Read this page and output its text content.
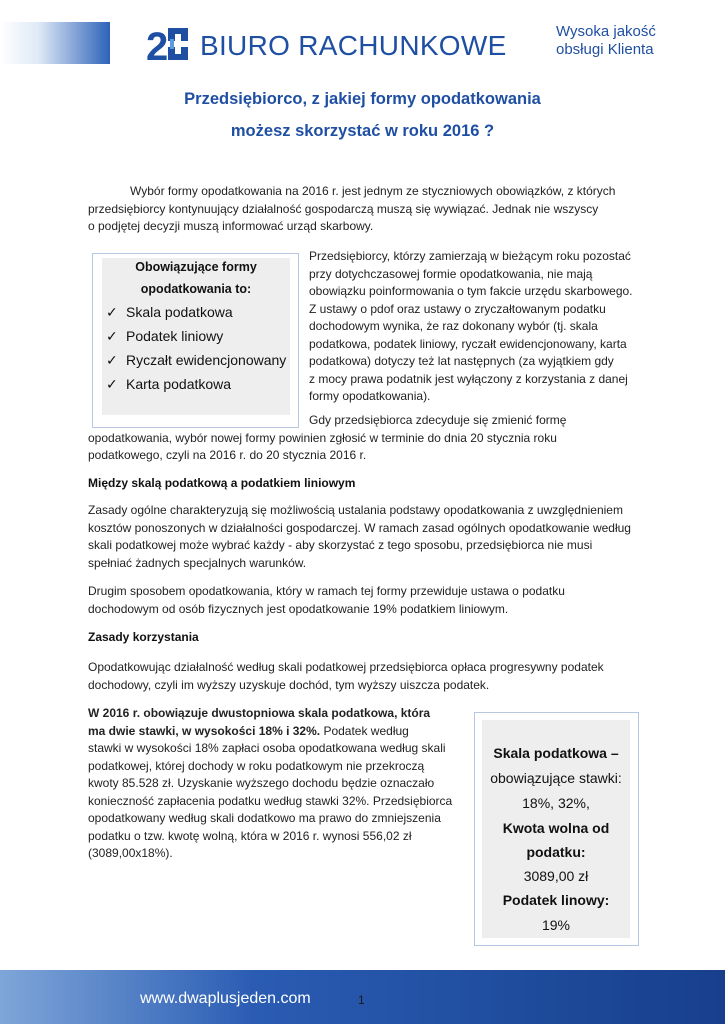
2 BIURO RACHUNKOWE	Wysoka jakość
obsługi Klienta
Przedsiębiorco, z jakiej formy opodatkowania
możesz skorzystać w roku 2016 ?
Wybór formy opodatkowania na 2016 r. jest jednym ze styczniowych obowiązków, z których
przedsiębiorcy kontynuujący działalność gospodarczą muszą się wywiązać. Jednak nie wszyscy
o podjętej decyzji muszą informować urząd skarbowy.
Obowiązujące formy
opodatkowania to:
✓ Skala podatkowa
✓ Podatek liniowy
✓ Ryczałt ewidencjonowany
✓ Karta podatkowa
Przedsiębiorcy, którzy zamierzają w bieżącym roku pozostać
przy dotychczasowej formie opodatkowania, nie mają
obowiązku poinformowania o tym fakcie urzędu skarbowego.
Z ustawy o pdof oraz ustawy o zryczałtowanym podatku
dochodowym wynika, że raz dokonany wybór (tj. skala
podatkowa, podatek liniowy, ryczałt ewidencjonowany, karta
podatkowa) dotyczy też lat następnych (za wyjątkiem gdy
z mocy prawa podatnik jest wyłączony z korzystania z danej
formy opodatkowania).
Gdy przedsiębiorca zdecyduje się zmienić formę
opodatkowania, wybór nowej formy powinien zgłosić w terminie do dnia 20 stycznia roku
podatkowego, czyli na 2016 r. do 20 stycznia 2016 r.
Między skalą podatkową a podatkiem liniowym
Zasady ogólne charakteryzują się możliwością ustalania podstawy opodatkowania z uwzględnieniem
kosztów ponoszonych w działalności gospodarczej. W ramach zasad ogólnych opodatkowanie według
skali podatkowej może wybrać każdy - aby skorzystać z tego sposobu, przedsiębiorca nie musi
spełniać żadnych specjalnych warunków.
Drugim sposobem opodatkowania, który w ramach tej formy przewiduje ustawa o podatku
dochodowym od osób fizycznych jest opodatkowanie 19% podatkiem liniowym.
Zasady korzystania
Opodatkowując działalność według skali podatkowej przedsiębiorca opłaca progresywny podatek
dochodowy, czyli im wyższy uzyskuje dochód, tym wyższy uiszcza podatek.
W 2016 r. obowiązuje dwustopniowa skala podatkowa, która
ma dwie stawki, w wysokości 18% i 32%. Podatek według
stawki w wysokości 18% zapłaci osoba opodatkowana według skali
podatkowej, której dochody w roku podatkowym nie przekroczą
kwoty 85.528 zł. Uzyskanie wyższego dochodu będzie oznaczało
konieczność zapłacenia podatku według stawki 32%. Przedsiębiorca
opodatkowany według skali dodatkowo ma prawo do zmniejszenia
podatku o tzw. kwotę wolną, która w 2016 r. wynosi 556,02 zł
(3089,00x18%).
Skala podatkowa –
obowiązujące stawki:
18%, 32%,
Kwota wolna od
podatku:
3089,00 zł
Podatek linowy:
19%
www.dwaplusjeden.com	1
